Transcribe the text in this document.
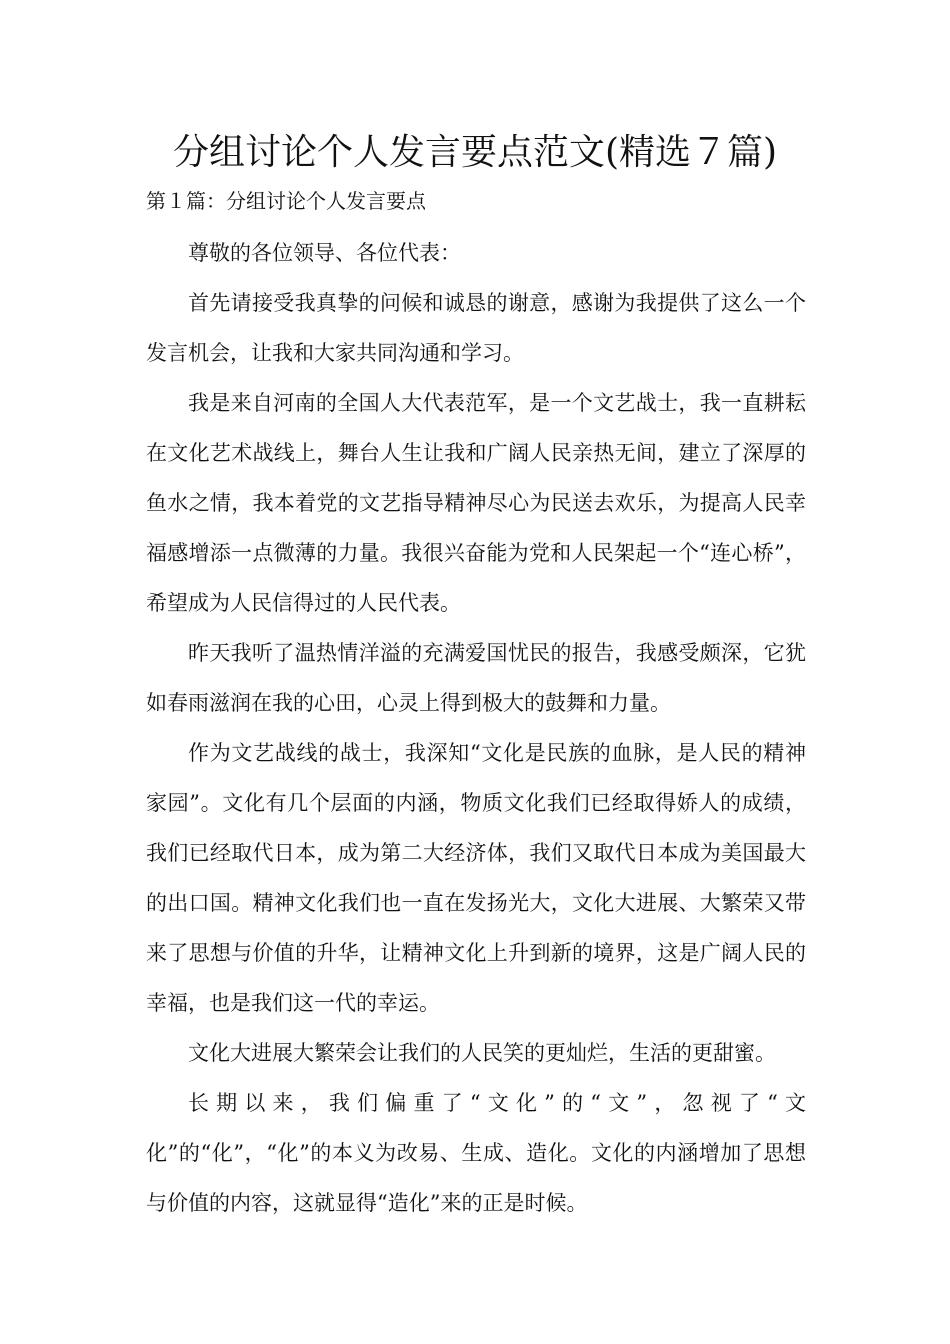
分组讨论个人发言要点范文(精选７篇)
第１篇：分组讨论个人发言要点

尊敬的各位领导、各位代表：

首先请接受我真挚的问候和诚恳的谢意，感谢为我提供了这么一个发言机会，让我和大家共同沟通和学习。

我是来自河南的全国人大代表范军，是一个文艺战士，我一直耕耘在文化艺术战线上，舞台人生让我和广阔人民亲热无间，建立了深厚的鱼水之情，我本着党的文艺指导精神尽心为民送去欢乐，为提高人民幸福感增添一点微薄的力量。我很兴奋能为党和人民架起一个“连心桥”，希望成为人民信得过的人民代表。

昨天我听了温热情洋溢的充满爱国忧民的报告，我感受颇深，它犹如春雨滋润在我的心田，心灵上得到极大的鼓舞和力量。

作为文艺战线的战士，我深知“文化是民族的血脉，是人民的精神家园”。文化有几个层面的内涵，物质文化我们已经取得娇人的成绩，我们已经取代日本，成为第二大经济体，我们又取代日本成为美国最大的出口国。精神文化我们也一直在发扬光大，文化大进展、大繁荣又带来了思想与价值的升华，让精神文化上升到新的境界，这是广阔人民的幸福，也是我们这一代的幸运。

文化大进展大繁荣会让我们的人民笑的更灿烂，生活的更甜蜜。

长期以来，我们偏重了“文化”的“文”，忽视了“文化”的“化”，“化”的本义为改易、生成、造化。文化的内涵增加了思想与价值的内容，这就显得“造化”来的正是时候。
